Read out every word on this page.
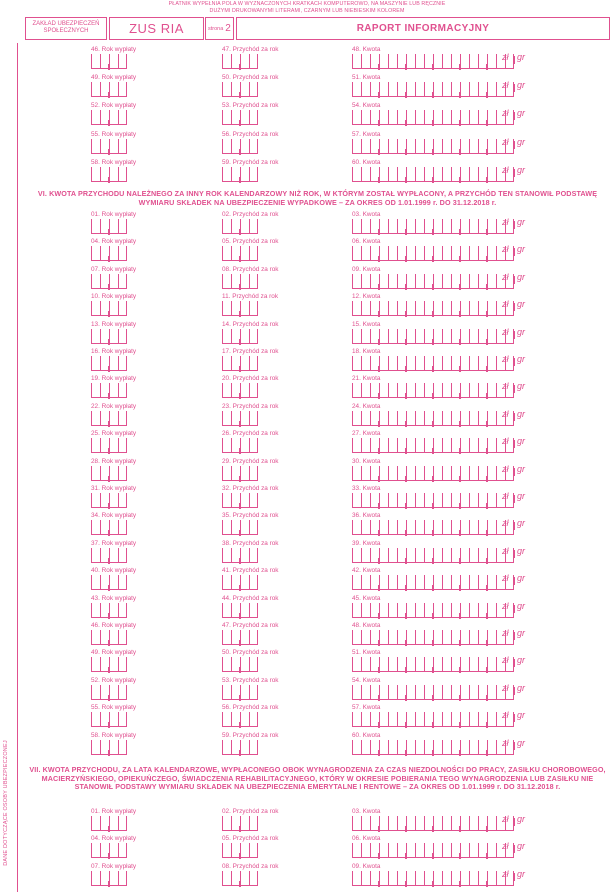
PŁATNIK WYPEŁNIA POLA W WYZNACZONYCH KRATKACH KOMPUTEROWO, NA MASZYNIE LUB RĘCZNIE
DUŻYMI DRUKOWANYMI LITERAMI, CZARNYM LUB NIEBIESKIM KOLOREM
ZAKŁAD UBEZPIECZEŃ
SPOŁECZNYCH	ZUS RIA	strona 2	RAPORT INFORMACYJNY
DANE DOTYCZĄCE OSOBY UBEZPIECZONEJ
46. Rok wypłaty	47. Przychód za rok	48. Kwota
zł gr
49. Rok wypłaty	50. Przychód za rok	51. Kwota
zł gr
52. Rok wypłaty	53. Przychód za rok	54. Kwota
zł gr
55. Rok wypłaty	56. Przychód za rok	57. Kwota
zł gr
58. Rok wypłaty	59. Przychód za rok	60. Kwota
zł gr
VI. KWOTA PRZYCHODU NALEŻNEGO ZA INNY ROK KALENDARZOWY NIŻ ROK, W KTÓRYM ZOSTAŁ WYPŁACONY, A PRZYCHÓD TEN STANOWIŁ PODSTAWĘ WYMIARU SKŁADEK NA UBEZPIECZENIE WYPADKOWE – ZA OKRES OD 1.01.1999 r. DO 31.12.2018 r.
01. Rok wypłaty	02. Przychód za rok	03. Kwota
zł gr
04. Rok wypłaty	05. Przychód za rok	06. Kwota
zł gr
07. Rok wypłaty	08. Przychód za rok	09. Kwota
zł gr
10. Rok wypłaty	11. Przychód za rok	12. Kwota
zł gr
13. Rok wypłaty	14. Przychód za rok	15. Kwota
zł gr
16. Rok wypłaty	17. Przychód za rok	18. Kwota
zł gr
19. Rok wypłaty	20. Przychód za rok	21. Kwota
zł gr
22. Rok wypłaty	23. Przychód za rok	24. Kwota
zł gr
25. Rok wypłaty	26. Przychód za rok	27. Kwota
zł gr
28. Rok wypłaty	29. Przychód za rok	30. Kwota
zł gr
31. Rok wypłaty	32. Przychód za rok	33. Kwota
zł gr
34. Rok wypłaty	35. Przychód za rok	36. Kwota
zł gr
37. Rok wypłaty	38. Przychód za rok	39. Kwota
zł gr
40. Rok wypłaty	41. Przychód za rok	42. Kwota
zł gr
43. Rok wypłaty	44. Przychód za rok	45. Kwota
zł gr
46. Rok wypłaty	47. Przychód za rok	48. Kwota
zł gr
49. Rok wypłaty	50. Przychód za rok	51. Kwota
zł gr
52. Rok wypłaty	53. Przychód za rok	54. Kwota
zł gr
55. Rok wypłaty	56. Przychód za rok	57. Kwota
zł gr
58. Rok wypłaty	59. Przychód za rok	60. Kwota
zł gr
VII. KWOTA PRZYCHODU, ZA LATA KALENDARZOWE, WYPŁACONEGO OBOK WYNAGRODZENIA ZA CZAS NIEZDOLNOŚCI DO PRACY, ZASIŁKU CHOROBOWEGO, MACIERZYŃSKIEGO, OPIEKUŃCZEGO, ŚWIADCZENIA REHABILITACYJNEGO, KTÓRY W OKRESIE POBIERANIA TEGO WYNAGRODZENIA LUB ZASIŁKU NIE STANOWIŁ PODSTAWY WYMIARU SKŁADEK NA UBEZPIECZENIA EMERYTALNE I RENTOWE – ZA OKRES OD 1.01.1999 r. DO 31.12.2018 r.
01. Rok wypłaty	02. Przychód za rok	03. Kwota
zł gr
04. Rok wypłaty	05. Przychód za rok	06. Kwota
zł gr
07. Rok wypłaty	08. Przychód za rok	09. Kwota
zł gr
